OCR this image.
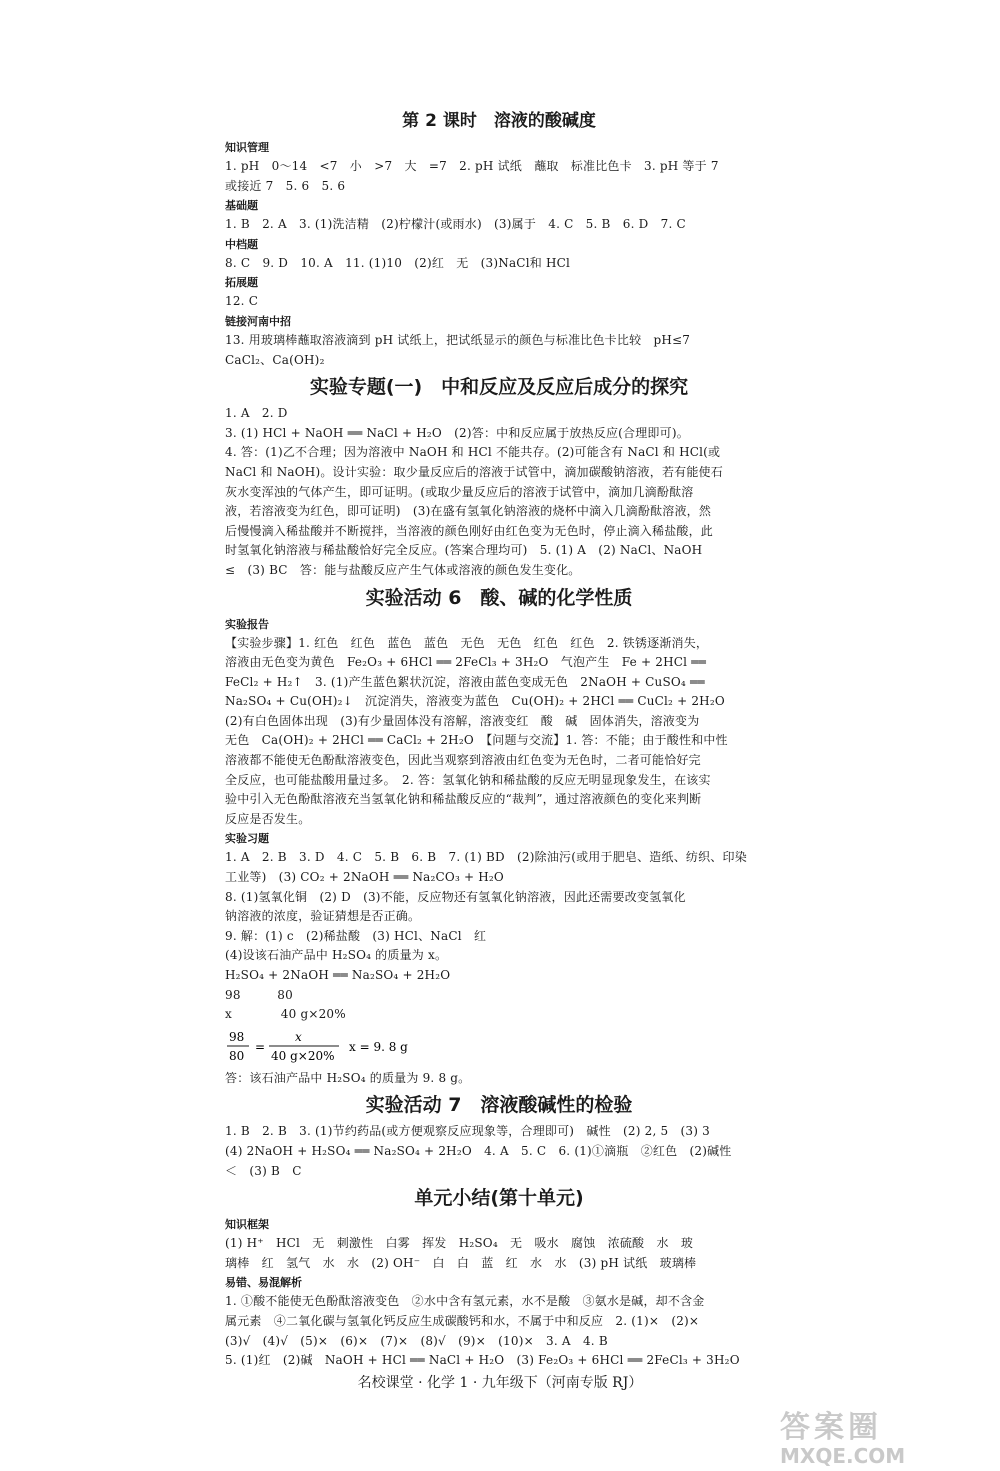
第 2 课时　溶液的酸碱度

知识管理

1. pH　0～14　<7　小　>7　大　=7　2. pH 试纸　蘸取　标准比色卡　3. pH 等于 7

或接近 7　5. 6　5. 6

基础题

1. B　2. A　3. (1)洗洁精　(2)柠檬汁(或雨水)　(3)属于　4. C　5. B　6. D　7. C

中档题

8. C　9. D　10. A　11. (1)10　(2)红　无　(3)NaCl和 HCl

拓展题

12. C

链接河南中招

13. 用玻璃棒蘸取溶液滴到 pH 试纸上，把试纸显示的颜色与标准比色卡比较　pH≤7

CaCl₂、Ca(OH)₂

实验专题(一)　中和反应及反应后成分的探究

1. A　2. D

3. (1) HCl + NaOH ══ NaCl + H₂O　(2)答：中和反应属于放热反应(合理即可)。

4. 答：(1)乙不合理；因为溶液中 NaOH 和 HCl 不能共存。(2)可能含有 NaCl 和 HCl(或

NaCl 和 NaOH)。设计实验：取少量反应后的溶液于试管中，滴加碳酸钠溶液，若有能使石

灰水变浑浊的气体产生，即可证明。(或取少量反应后的溶液于试管中，滴加几滴酚酞溶

液，若溶液变为红色，即可证明)　(3)在盛有氢氧化钠溶液的烧杯中滴入几滴酚酞溶液，然

后慢慢滴入稀盐酸并不断搅拌，当溶液的颜色刚好由红色变为无色时，停止滴入稀盐酸，此

时氢氧化钠溶液与稀盐酸恰好完全反应。(答案合理均可)　5. (1) A　(2) NaCl、NaOH

≤　(3) BC　答：能与盐酸反应产生气体或溶液的颜色发生变化。

实验活动 6　酸、碱的化学性质

实验报告

【实验步骤】1. 红色　红色　蓝色　蓝色　无色　无色　红色　红色　2. 铁锈逐渐消失，

溶液由无色变为黄色　Fe₂O₃ + 6HCl ══ 2FeCl₃ + 3H₂O　气泡产生　Fe + 2HCl ══

FeCl₂ + H₂↑　3. (1)产生蓝色絮状沉淀，溶液由蓝色变成无色　2NaOH + CuSO₄ ══

Na₂SO₄ + Cu(OH)₂↓　沉淀消失，溶液变为蓝色　Cu(OH)₂ + 2HCl ══ CuCl₂ + 2H₂O

(2)有白色固体出现　(3)有少量固体没有溶解，溶液变红　酸　碱　固体消失，溶液变为

无色　Ca(OH)₂ + 2HCl ══ CaCl₂ + 2H₂O　【问题与交流】1. 答：不能；由于酸性和中性

溶液都不能使无色酚酞溶液变色，因此当观察到溶液由红色变为无色时，二者可能恰好完

全反应，也可能盐酸用量过多。　2. 答：氢氧化钠和稀盐酸的反应无明显现象发生，在该实

验中引入无色酚酞溶液充当氢氧化钠和稀盐酸反应的“裁判”，通过溶液颜色的变化来判断

反应是否发生。

实验习题

1. A　2. B　3. D　4. C　5. B　6. B　7. (1) BD　(2)除油污(或用于肥皂、造纸、纺织、印染

工业等)　(3) CO₂ + 2NaOH ══ Na₂CO₃ + H₂O

8. (1)氢氧化铜　(2) D　(3)不能，反应物还有氢氧化钠溶液，因此还需要改变氢氧化

钠溶液的浓度，验证猜想是否正确。

9. 解：(1) c　(2)稀盐酸　(3) HCl、NaCl　红

(4)设该石油产品中 H₂SO₄ 的质量为 x。

H₂SO₄ + 2NaOH ══ Na₂SO₄ + 2H₂O

98　　　80

x　　　　40 g×20%

98
80
=
x
40 g×20%
x = 9. 8 g

答：该石油产品中 H₂SO₄ 的质量为 9. 8 g。

实验活动 7　溶液酸碱性的检验

1. B　2. B　3. (1)节约药品(或方便观察反应现象等，合理即可)　碱性　(2) 2, 5　(3) 3

(4) 2NaOH + H₂SO₄ ══ Na₂SO₄ + 2H₂O　4. A　5. C　6. (1)①滴瓶　②红色　(2)碱性

＜　(3) B　C

单元小结(第十单元)

知识框架

(1) H⁺　HCl　无　刺激性　白雾　挥发　H₂SO₄　无　吸水　腐蚀　浓硫酸　水　玻

璃棒　红　氢气　水　水　(2) OH⁻　白　白　蓝　红　水　水　(3) pH 试纸　玻璃棒

易错、易混解析

1. ①酸不能使无色酚酞溶液变色　②水中含有氢元素，水不是酸　③氨水是碱，却不含金

属元素　④二氧化碳与氢氧化钙反应生成碳酸钙和水，不属于中和反应　2. (1)×　(2)×

(3)√　(4)√　(5)×　(6)×　(7)×　(8)√　(9)×　(10)×　3. A　4. B

5. (1)红　(2)碱　NaOH + HCl ══ NaCl + H₂O　(3) Fe₂O₃ + 6HCl ══ 2FeCl₃ + 3H₂O

名校课堂 · 化学 1 · 九年级下（河南专版 RJ）
答案圈
MXQE.COM
